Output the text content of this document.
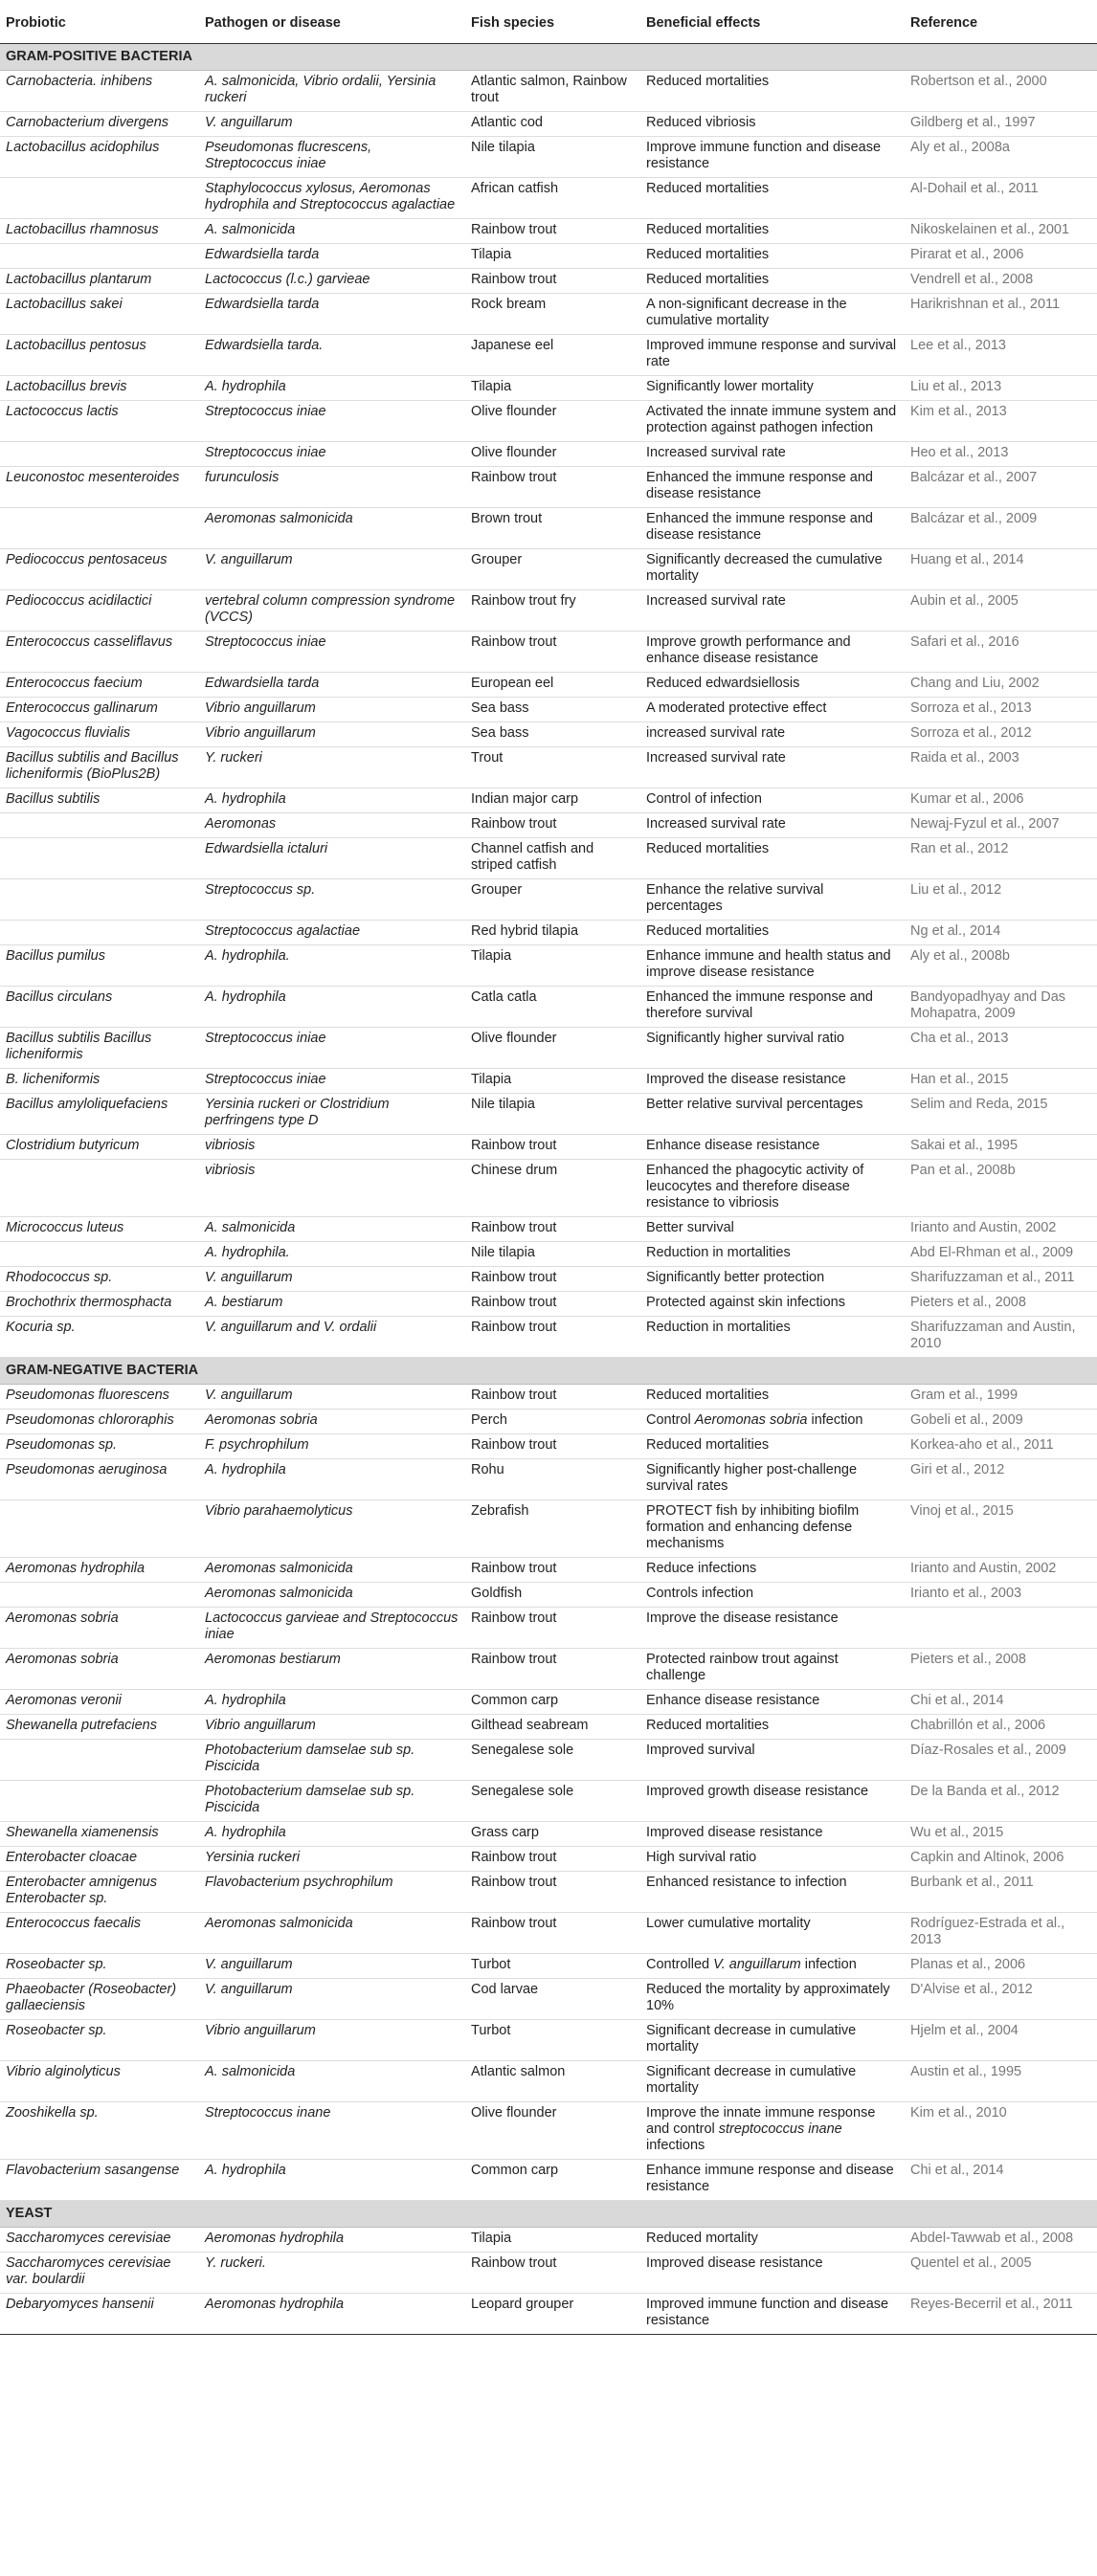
Probiotic	Pathogen or disease	Fish species	Beneficial effects	Reference
GRAM-POSITIVE BACTERIA				
Carnobacteria. inhibens	A. salmonicida, Vibrio ordalii, Yersinia ruckeri	Atlantic salmon, Rainbow trout	Reduced mortalities	Robertson et al., 2000
Carnobacterium divergens	V. anguillarum	Atlantic cod	Reduced vibriosis	Gildberg et al., 1997
Lactobacillus acidophilus	Pseudomonas flucrescens, Streptococcus iniae	Nile tilapia	Improve immune function and disease resistance	Aly et al., 2008a
	Staphylococcus xylosus, Aeromonas hydrophila and Streptococcus agalactiae	African catfish	Reduced mortalities	Al-Dohail et al., 2011
Lactobacillus rhamnosus	A. salmonicida	Rainbow trout	Reduced mortalities	Nikoskelainen et al., 2001
	Edwardsiella tarda	Tilapia	Reduced mortalities	Pirarat et al., 2006
Lactobacillus plantarum	Lactococcus (l.c.) garvieae	Rainbow trout	Reduced mortalities	Vendrell et al., 2008
Lactobacillus sakei	Edwardsiella tarda	Rock bream	A non-significant decrease in the cumulative mortality	Harikrishnan et al., 2011
Lactobacillus pentosus	Edwardsiella tarda.	Japanese eel	Improved immune response and survival rate	Lee et al., 2013
Lactobacillus brevis	A. hydrophila	Tilapia	Significantly lower mortality	Liu et al., 2013
Lactococcus lactis	Streptococcus iniae	Olive flounder	Activated the innate immune system and protection against pathogen infection	Kim et al., 2013
	Streptococcus iniae	Olive flounder	Increased survival rate	Heo et al., 2013
Leuconostoc mesenteroides	furunculosis	Rainbow trout	Enhanced the immune response and disease resistance	Balcázar et al., 2007
	Aeromonas salmonicida	Brown trout	Enhanced the immune response and disease resistance	Balcázar et al., 2009
Pediococcus pentosaceus	V. anguillarum	Grouper	Significantly decreased the cumulative mortality	Huang et al., 2014
Pediococcus acidilactici	vertebral column compression syndrome (VCCS)	Rainbow trout fry	Increased survival rate	Aubin et al., 2005
Enterococcus casseliflavus	Streptococcus iniae	Rainbow trout	Improve growth performance and enhance disease resistance	Safari et al., 2016
Enterococcus faecium	Edwardsiella tarda	European eel	Reduced edwardsiellosis	Chang and Liu, 2002
Enterococcus gallinarum	Vibrio anguillarum	Sea bass	A moderated protective effect	Sorroza et al., 2013
Vagococcus fluvialis	Vibrio anguillarum	Sea bass	increased survival rate	Sorroza et al., 2012
Bacillus subtilis and Bacillus licheniformis (BioPlus2B)	Y. ruckeri	Trout	Increased survival rate	Raida et al., 2003
Bacillus subtilis	A. hydrophila	Indian major carp	Control of infection	Kumar et al., 2006
	Aeromonas	Rainbow trout	Increased survival rate	Newaj-Fyzul et al., 2007
	Edwardsiella ictaluri	Channel catfish and striped catfish	Reduced mortalities	Ran et al., 2012
	Streptococcus sp.	Grouper	Enhance the relative survival percentages	Liu et al., 2012
	Streptococcus agalactiae	Red hybrid tilapia	Reduced mortalities	Ng et al., 2014
Bacillus pumilus	A. hydrophila.	Tilapia	Enhance immune and health status and improve disease resistance	Aly et al., 2008b
Bacillus circulans	A. hydrophila	Catla catla	Enhanced the immune response and therefore survival	Bandyopadhyay and Das Mohapatra, 2009
Bacillus subtilis Bacillus licheniformis	Streptococcus iniae	Olive flounder	Significantly higher survival ratio	Cha et al., 2013
B. licheniformis	Streptococcus iniae	Tilapia	Improved the disease resistance	Han et al., 2015
Bacillus amyloliquefaciens	Yersinia ruckeri or Clostridium perfringens type D	Nile tilapia	Better relative survival percentages	Selim and Reda, 2015
Clostridium butyricum	vibriosis	Rainbow trout	Enhance disease resistance	Sakai et al., 1995
	vibriosis	Chinese drum	Enhanced the phagocytic activity of leucocytes and therefore disease resistance to vibriosis	Pan et al., 2008b
Micrococcus luteus	A. salmonicida	Rainbow trout	Better survival	Irianto and Austin, 2002
	A. hydrophila.	Nile tilapia	Reduction in mortalities	Abd El-Rhman et al., 2009
Rhodococcus sp.	V. anguillarum	Rainbow trout	Significantly better protection	Sharifuzzaman et al., 2011
Brochothrix thermosphacta	A. bestiarum	Rainbow trout	Protected against skin infections	Pieters et al., 2008
Kocuria sp.	V. anguillarum and V. ordalii	Rainbow trout	Reduction in mortalities	Sharifuzzaman and Austin, 2010
GRAM-NEGATIVE BACTERIA				
Pseudomonas fluorescens	V. anguillarum	Rainbow trout	Reduced mortalities	Gram et al., 1999
Pseudomonas chlororaphis	Aeromonas sobria	Perch	Control Aeromonas sobria infection	Gobeli et al., 2009
Pseudomonas sp.	F. psychrophilum	Rainbow trout	Reduced mortalities	Korkea-aho et al., 2011
Pseudomonas aeruginosa	A. hydrophila	Rohu	Significantly higher post-challenge survival rates	Giri et al., 2012
	Vibrio parahaemolyticus	Zebrafish	PROTECT fish by inhibiting biofilm formation and enhancing defense mechanisms	Vinoj et al., 2015
Aeromonas hydrophila	Aeromonas salmonicida	Rainbow trout	Reduce infections	Irianto and Austin, 2002
	Aeromonas salmonicida	Goldfish	Controls infection	Irianto et al., 2003
Aeromonas sobria	Lactococcus garvieae and Streptococcus iniae	Rainbow trout	Improve the disease resistance	
Aeromonas sobria	Aeromonas bestiarum	Rainbow trout	Protected rainbow trout against challenge	Pieters et al., 2008
Aeromonas veronii	A. hydrophila	Common carp	Enhance disease resistance	Chi et al., 2014
Shewanella putrefaciens	Vibrio anguillarum	Gilthead seabream	Reduced mortalities	Chabrillón et al., 2006
	Photobacterium damselae sub sp. Piscicida	Senegalese sole	Improved survival	Díaz-Rosales et al., 2009
	Photobacterium damselae sub sp. Piscicida	Senegalese sole	Improved growth disease resistance	De la Banda et al., 2012
Shewanella xiamenensis	A. hydrophila	Grass carp	Improved disease resistance	Wu et al., 2015
Enterobacter cloacae	Yersinia ruckeri	Rainbow trout	High survival ratio	Capkin and Altinok, 2006
Enterobacter amnigenus Enterobacter sp.	Flavobacterium psychrophilum	Rainbow trout	Enhanced resistance to infection	Burbank et al., 2011
Enterococcus faecalis	Aeromonas salmonicida	Rainbow trout	Lower cumulative mortality	Rodríguez-Estrada et al., 2013
Roseobacter sp.	V. anguillarum	Turbot	Controlled V. anguillarum infection	Planas et al., 2006
Phaeobacter (Roseobacter) gallaeciensis	V. anguillarum	Cod larvae	Reduced the mortality by approximately 10%	D'Alvise et al., 2012
Roseobacter sp.	Vibrio anguillarum	Turbot	Significant decrease in cumulative mortality	Hjelm et al., 2004
Vibrio alginolyticus	A. salmonicida	Atlantic salmon	Significant decrease in cumulative mortality	Austin et al., 1995
Zooshikella sp.	Streptococcus inane	Olive flounder	Improve the innate immune response and control streptococcus inane infections	Kim et al., 2010
Flavobacterium sasangense	A. hydrophila	Common carp	Enhance immune response and disease resistance	Chi et al., 2014
YEAST				
Saccharomyces cerevisiae	Aeromonas hydrophila	Tilapia	Reduced mortality	Abdel-Tawwab et al., 2008
Saccharomyces cerevisiae var. boulardii	Y. ruckeri.	Rainbow trout	Improved disease resistance	Quentel et al., 2005
Debaryomyces hansenii	Aeromonas hydrophila	Leopard grouper	Improved immune function and disease resistance	Reyes-Becerril et al., 2011
